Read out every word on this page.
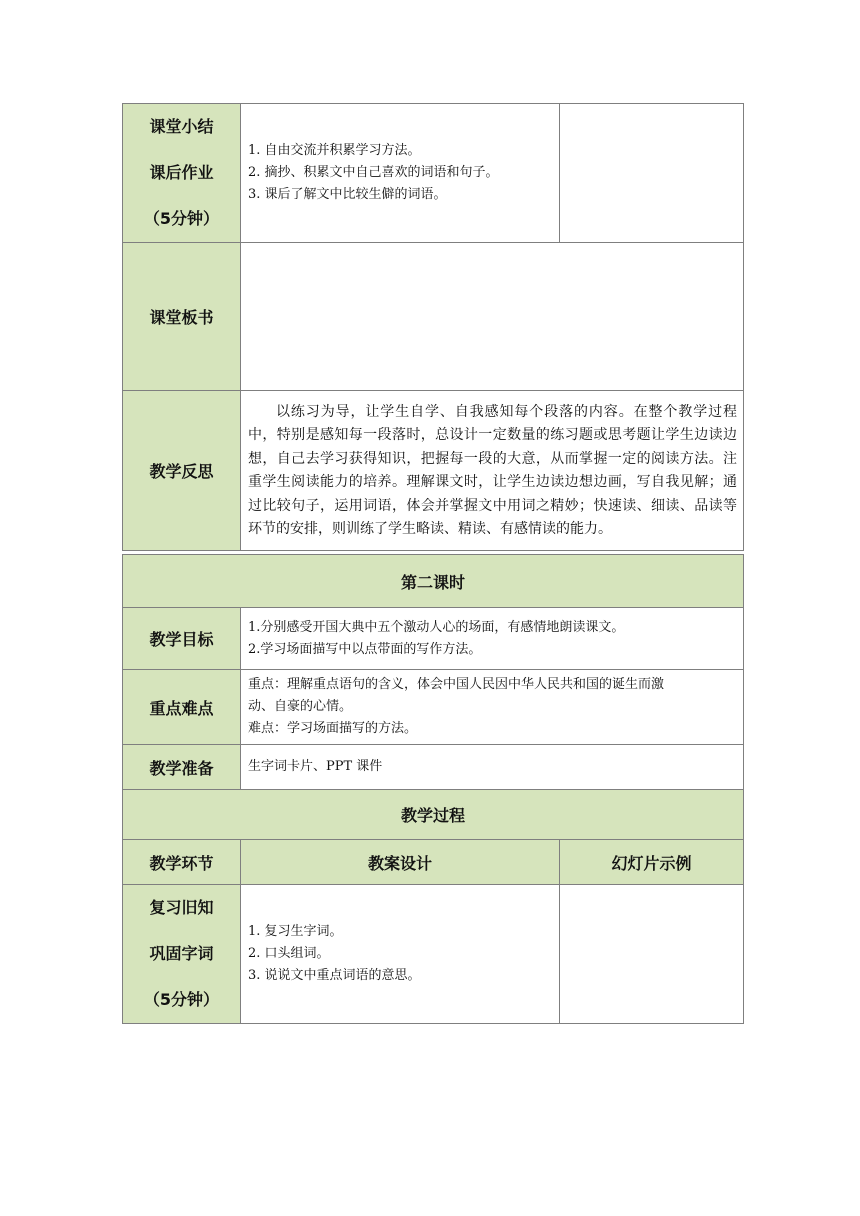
课堂小结
课后作业
（5分钟）	1. 自由交流并积累学习方法。
2. 摘抄、积累文中自己喜欢的词语和句子。
3. 课后了解文中比较生僻的词语。	

课堂板书		
教学反思	以练习为导，让学生自学、自我感知每个段落的内容。在整个教学过程中，特别是感知每一段落时，总设计一定数量的练习题或思考题让学生边读边想，自己去学习获得知识，把握每一段的大意，从而掌握一定的阅读方法。注重学生阅读能力的培养。理解课文时，让学生边读边想边画，写自我见解；通过比较句子，运用词语，体会并掌握文中用词之精妙；快速读、细读、品读等环节的安排，则训练了学生略读、精读、有感情读的能力。	
第二课时		
教学目标	1.分别感受开国大典中五个激动人心的场面，有感情地朗读课文。
2.学习场面描写中以点带面的写作方法。	

重点难点	重点：理解重点语句的含义，体会中国人民因中华人民共和国的诞生而激
动、自豪的心情。
难点：学习场面描写的方法。	

教学准备	生字词卡片、PPT 课件	
教学过程		
教学环节	教案设计	幻灯片示例

复习旧知
巩固字词
（5分钟）	1. 复习生字词。
2. 口头组词。
3. 说说文中重点词语的意思。	
